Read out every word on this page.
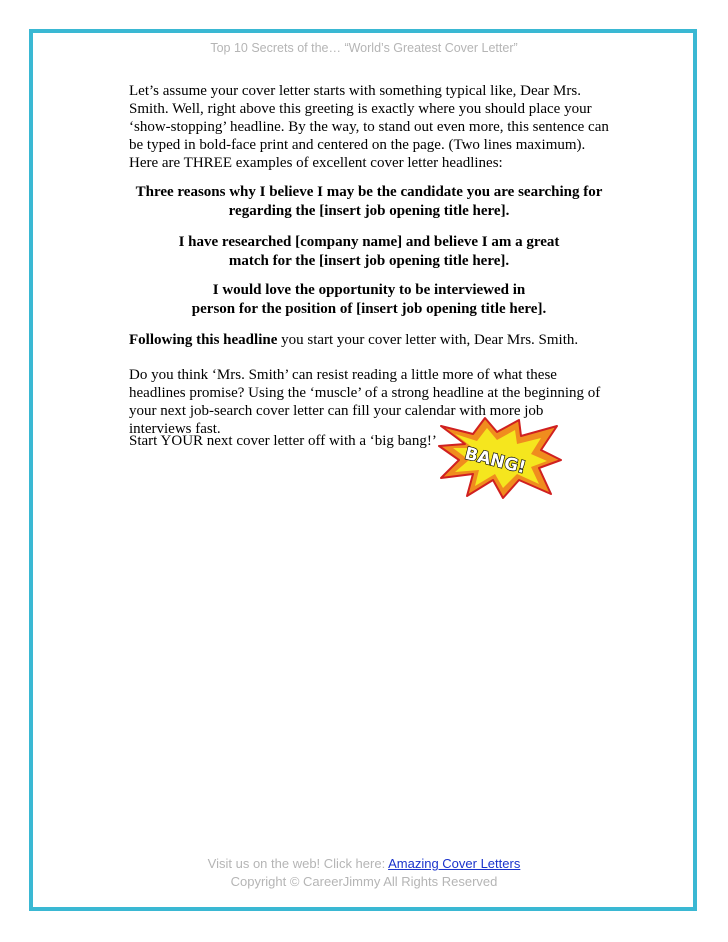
Top 10 Secrets of the… “World’s Greatest Cover Letter”
Let’s assume your cover letter starts with something typical like, Dear Mrs. Smith. Well, right above this greeting is exactly where you should place your ‘show-stopping’ headline. By the way, to stand out even more, this sentence can be typed in bold-face print and centered on the page. (Two lines maximum). Here are THREE examples of excellent cover letter headlines:
Three reasons why I believe I may be the candidate you are searching for
regarding the [insert job opening title here].
I have researched [company name] and believe I am a great
match for the [insert job opening title here].
I would love the opportunity to be interviewed in
person for the position of [insert job opening title here].
Following this headline you start your cover letter with, Dear Mrs. Smith.
Do you think ‘Mrs. Smith’ can resist reading a little more of what these headlines promise? Using the ‘muscle’ of a strong headline at the beginning of your next job-search cover letter can fill your calendar with more job interviews fast.
Start YOUR next cover letter off with a ‘big bang!’
BANG!
Visit us on the web! Click here: Amazing Cover Letters
Copyright © CareerJimmy All Rights Reserved
